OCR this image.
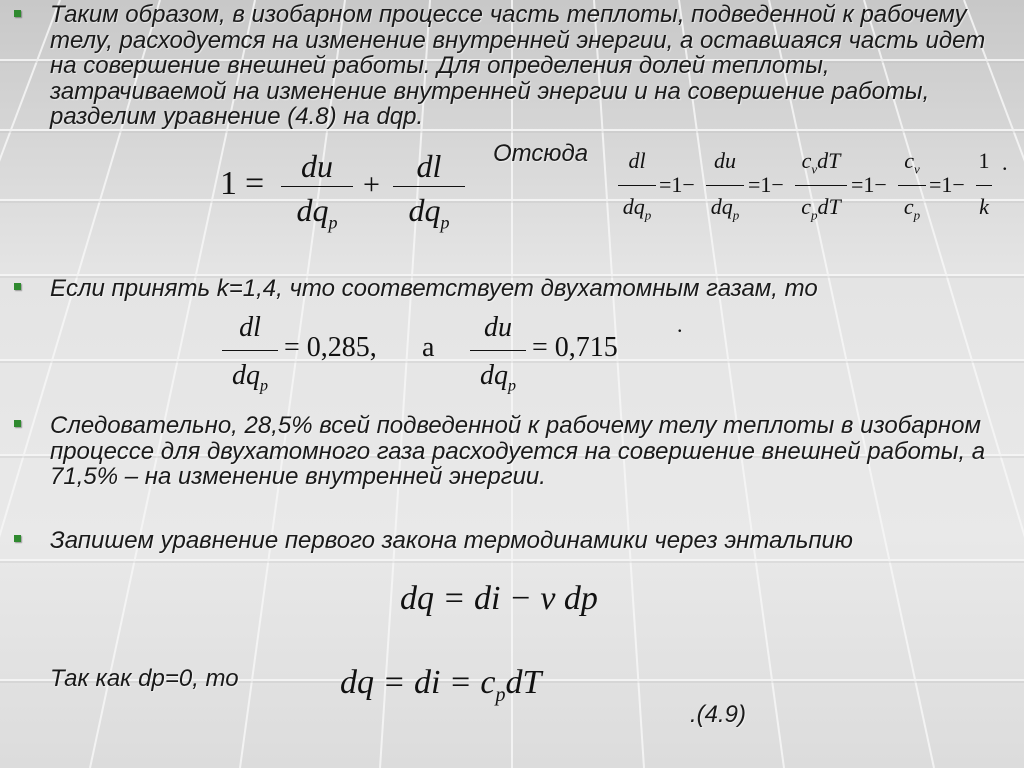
Таким образом, в изобарном процессе часть теплоты, подведенной к рабочему телу, расходуется на изменение внутренней энергии, а оставшаяся часть идет на совершение внешней работы. Для определения долей теплоты, затрачиваемой на изменение внутренней энергии и на совершение работы, разделим уравнение (4.8) на dqp.

Отсюда
1 =	du
$dq_p$
+
dl
$dq_p$
dl
$dq_p$
=1−
du
$dq_p$
=1−
$c_vdT$
$c_pdT$
=1−
$c_v$
$c_p$
=1−
1
k
.

Если принять k=1,4, что соответствует двухатомным газам, то

dl
$dq_p$
= 0,285, а
du
$dq_p$
= 0,715
.

Следовательно, 28,5% всей подведенной к рабочему телу теплоты в изобарном процессе для двухатомного газа расходуется на совершение внешней работы, а 71,5% – на изменение внутренней энергии.

Запишем уравнение первого закона термодинамики через энтальпию

dq = di − v dp

Так как dp=0, то	dq = di = $c_pdT$
.(4.9)
